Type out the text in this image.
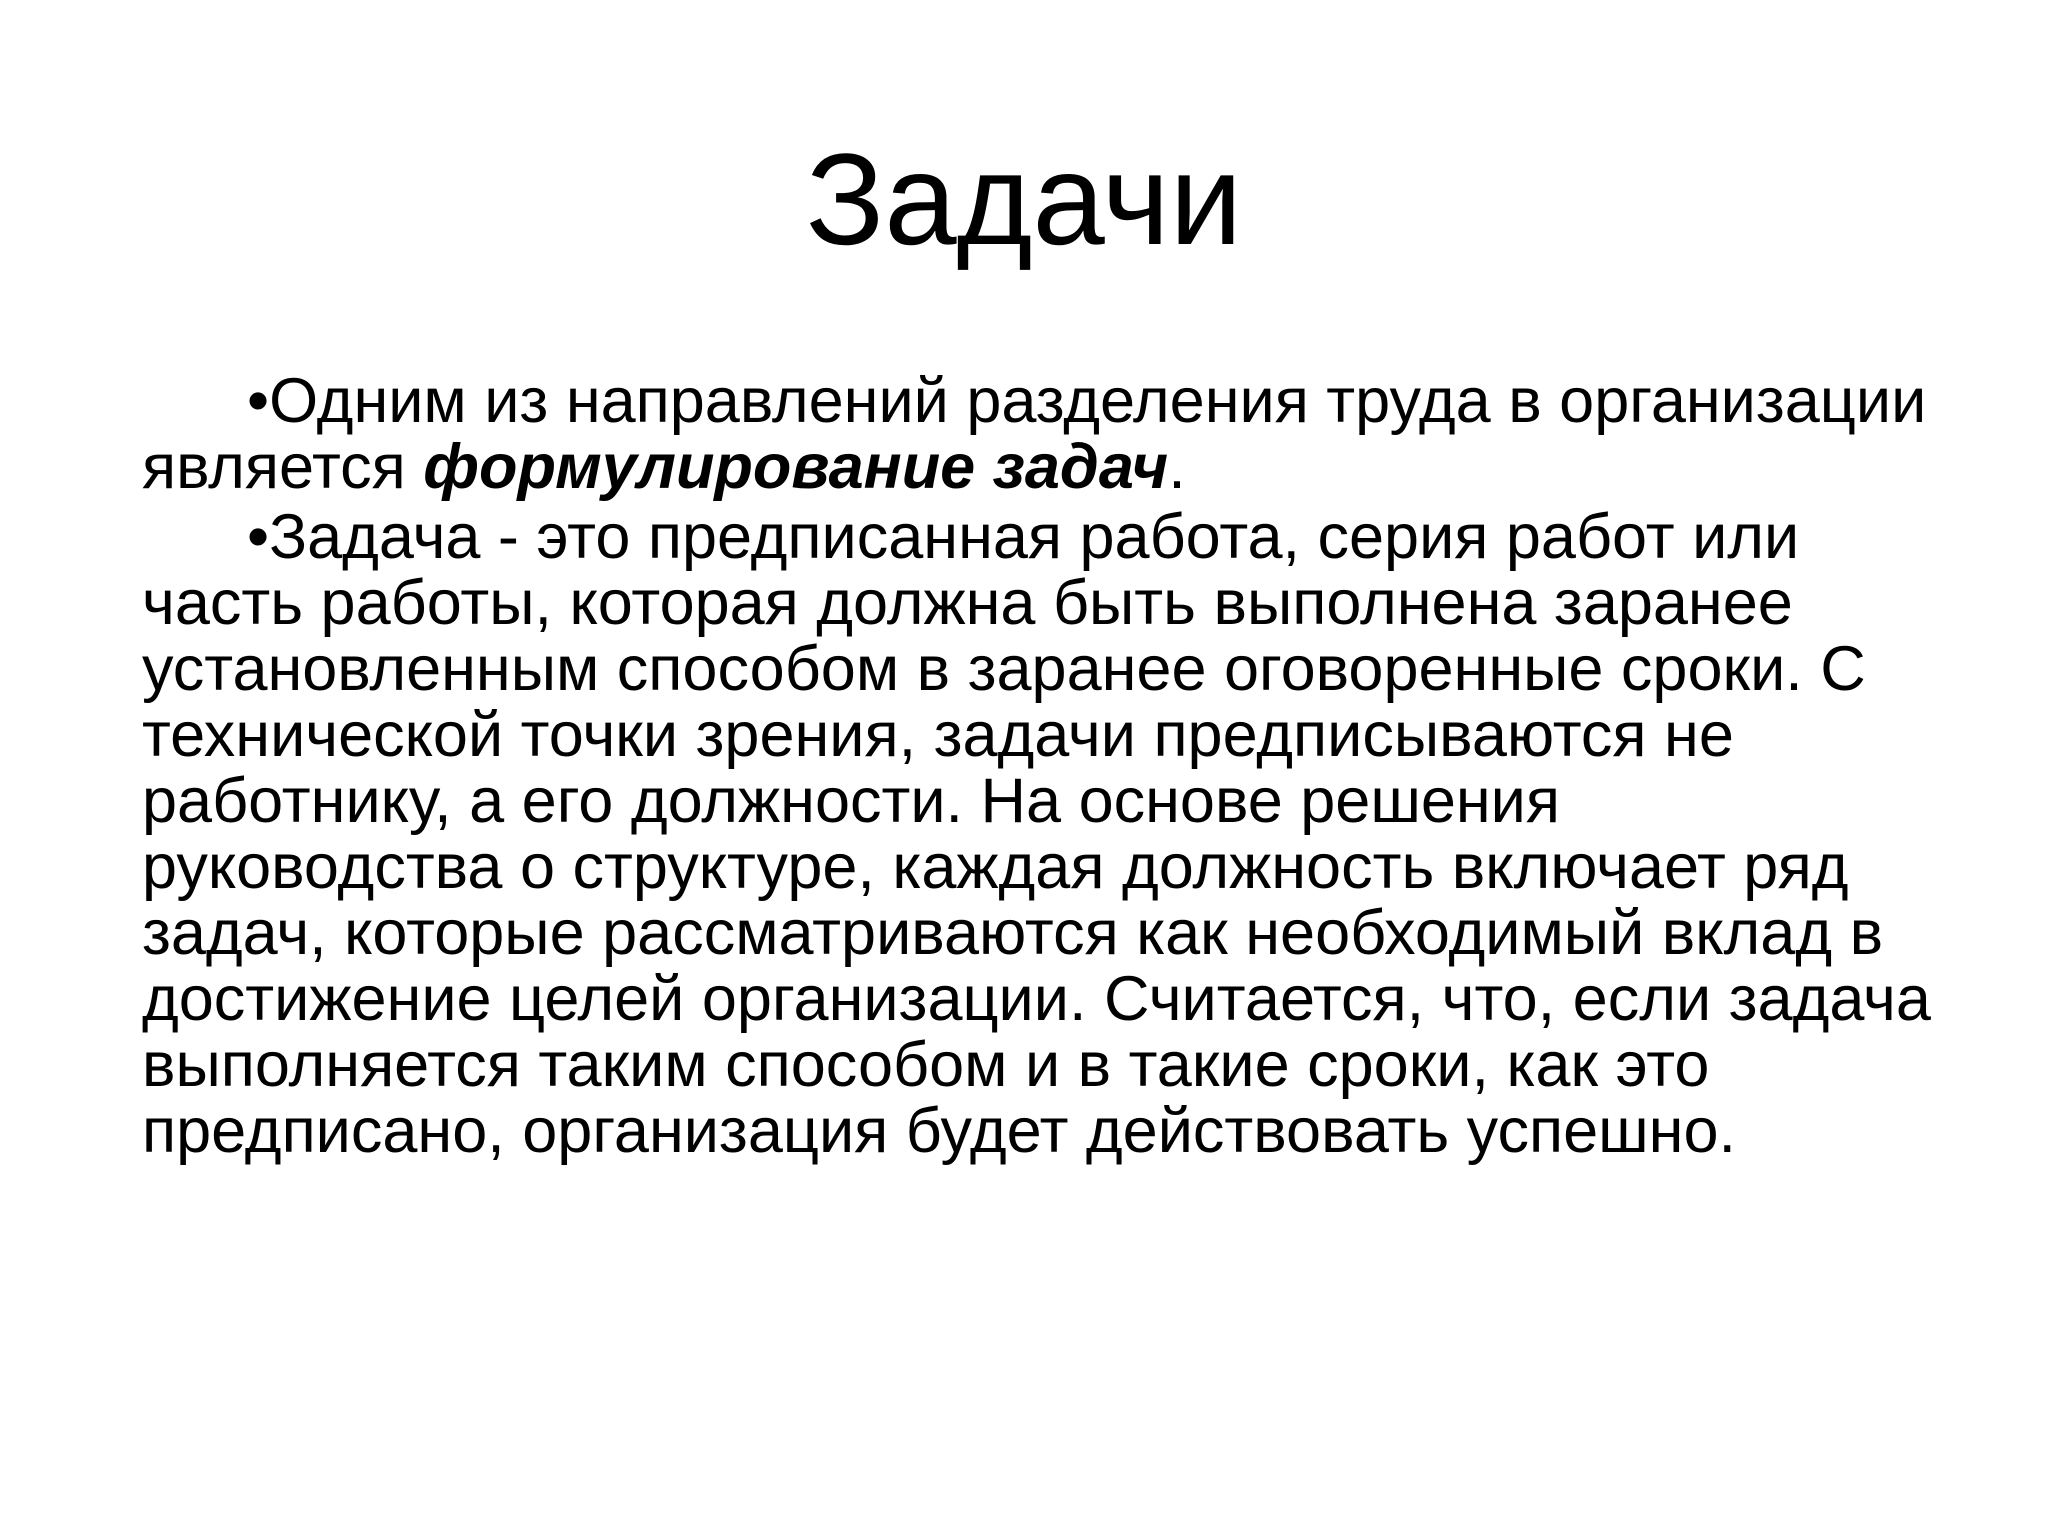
Задачи

•Одним из направлений разделения труда в организации является формулирование задач.

•Задача - это предписанная работа, серия работ или часть работы, которая должна быть выполнена заранее установленным способом в заранее оговоренные сроки. С технической точки зрения, задачи предписываются не работнику, а его должности. На основе решения руководства о структуре, каждая должность включает ряд задач, которые рассматриваются как необходимый вклад в достижение целей организации. Считается, что, если задача выполняется таким способом и в такие сроки, как это предписано, организация будет действовать успешно.
